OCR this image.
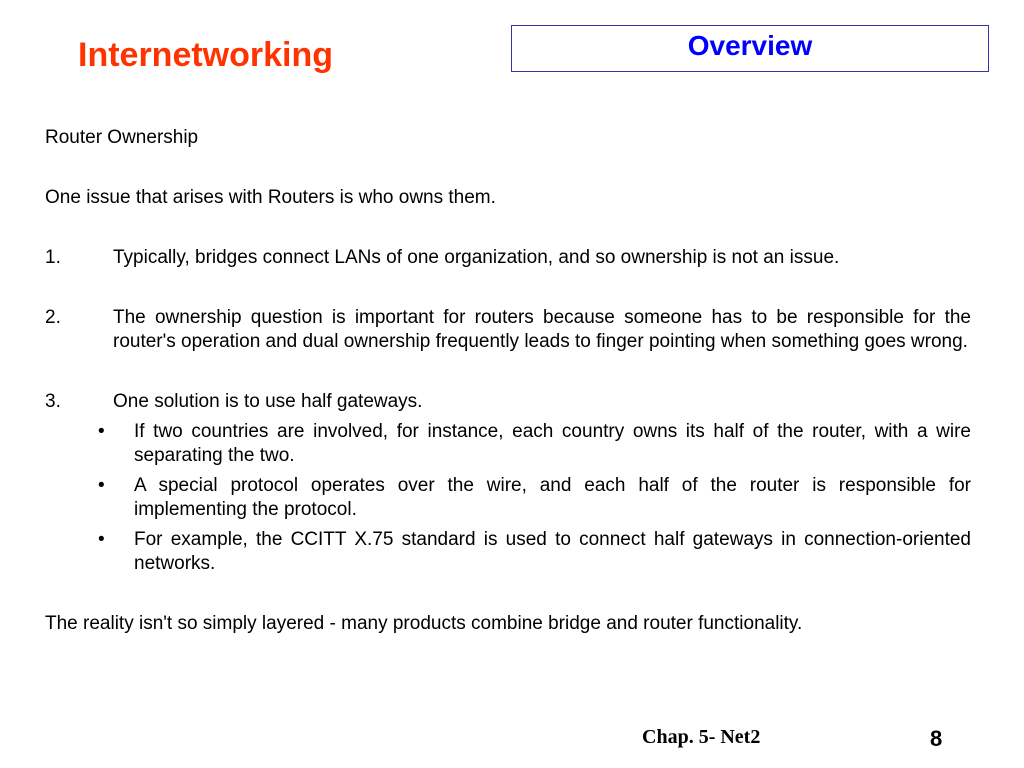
Internetworking	Overview

Router Ownership

One issue that arises with Routers is who owns them.

1.	Typically, bridges connect LANs of one organization, and so ownership is not an issue.
2.	The ownership question is important for routers because someone has to be responsible for the router's operation and dual ownership frequently leads to finger pointing when something goes wrong.
3.	One solution is to use half gateways.
•	If two countries are involved, for instance, each country owns its half of the router, with a wire separating the two.
•	A special protocol operates over the wire, and each half of the router is responsible for implementing the protocol.
•	For example, the CCITT X.75 standard is used to connect half gateways in connection-oriented networks.

The reality isn't so simply layered - many products combine bridge and router functionality.

Chap. 5- Net2	8
